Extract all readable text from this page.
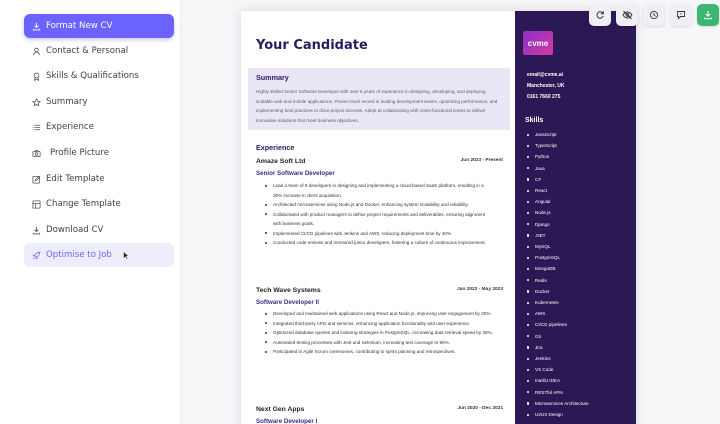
Format New CV
Contact & Personal
Skills & Qualifications
Summary
Experience
Profile Picture
Edit Template
Change Template
Download CV
Optimise to Job
Your Candidate
Summary
Highly skilled Senior Software Developer with over 5 years of experience in designing, developing, and deploying scalable web and mobile applications. Proven track record in leading development teams, optimizing performance, and implementing best practices to drive project success. Adept at collaborating with cross-functional teams to deliver innovative solutions that meet business objectives.
Experience
Amaze Soft Ltd	Jun 2023 - Present
Senior Software Developer
Lead a team of 8 developers in designing and implementing a cloud-based SaaS platform, resulting in a 30% increase in client acquisition.
Architected microservices using Node.js and Docker, enhancing system scalability and reliability.
Collaborated with product managers to define project requirements and deliverables, ensuring alignment with business goals.
Implemented CI/CD pipelines with Jenkins and AWS, reducing deployment time by 40%.
Conducted code reviews and mentored junior developers, fostering a culture of continuous improvement.
Tech Wave Systems	Jan 2022 - May 2023
Software Developer II
Developed and maintained web applications using React and Node.js, improving user engagement by 25%.
Integrated third-party APIs and services, enhancing application functionality and user experience.
Optimized database queries and indexing strategies in PostgreSQL, increasing data retrieval speed by 35%.
Automated testing processes with Jest and Selenium, increasing test coverage to 90%.
Participated in Agile Scrum ceremonies, contributing to sprint planning and retrospectives.
Next Gen Apps	Jun 2020 - Dec 2021
Software Developer I
cvme
email@cvme.ai
Manchester, UK
0161 7660 275
Skills
JavaScript
TypeScript
Python
Java
C#
React
Angular
Node.js
Django
.NET
MySQL
PostgreSQL
MongoDB
Redis
Docker
Kubernetes
AWS
CI/CD pipelines
Git
Jira
Jenkins
VS Code
IntelliJ IDEA
RESTful APIs
Microservices Architecture
UI/UX Design
